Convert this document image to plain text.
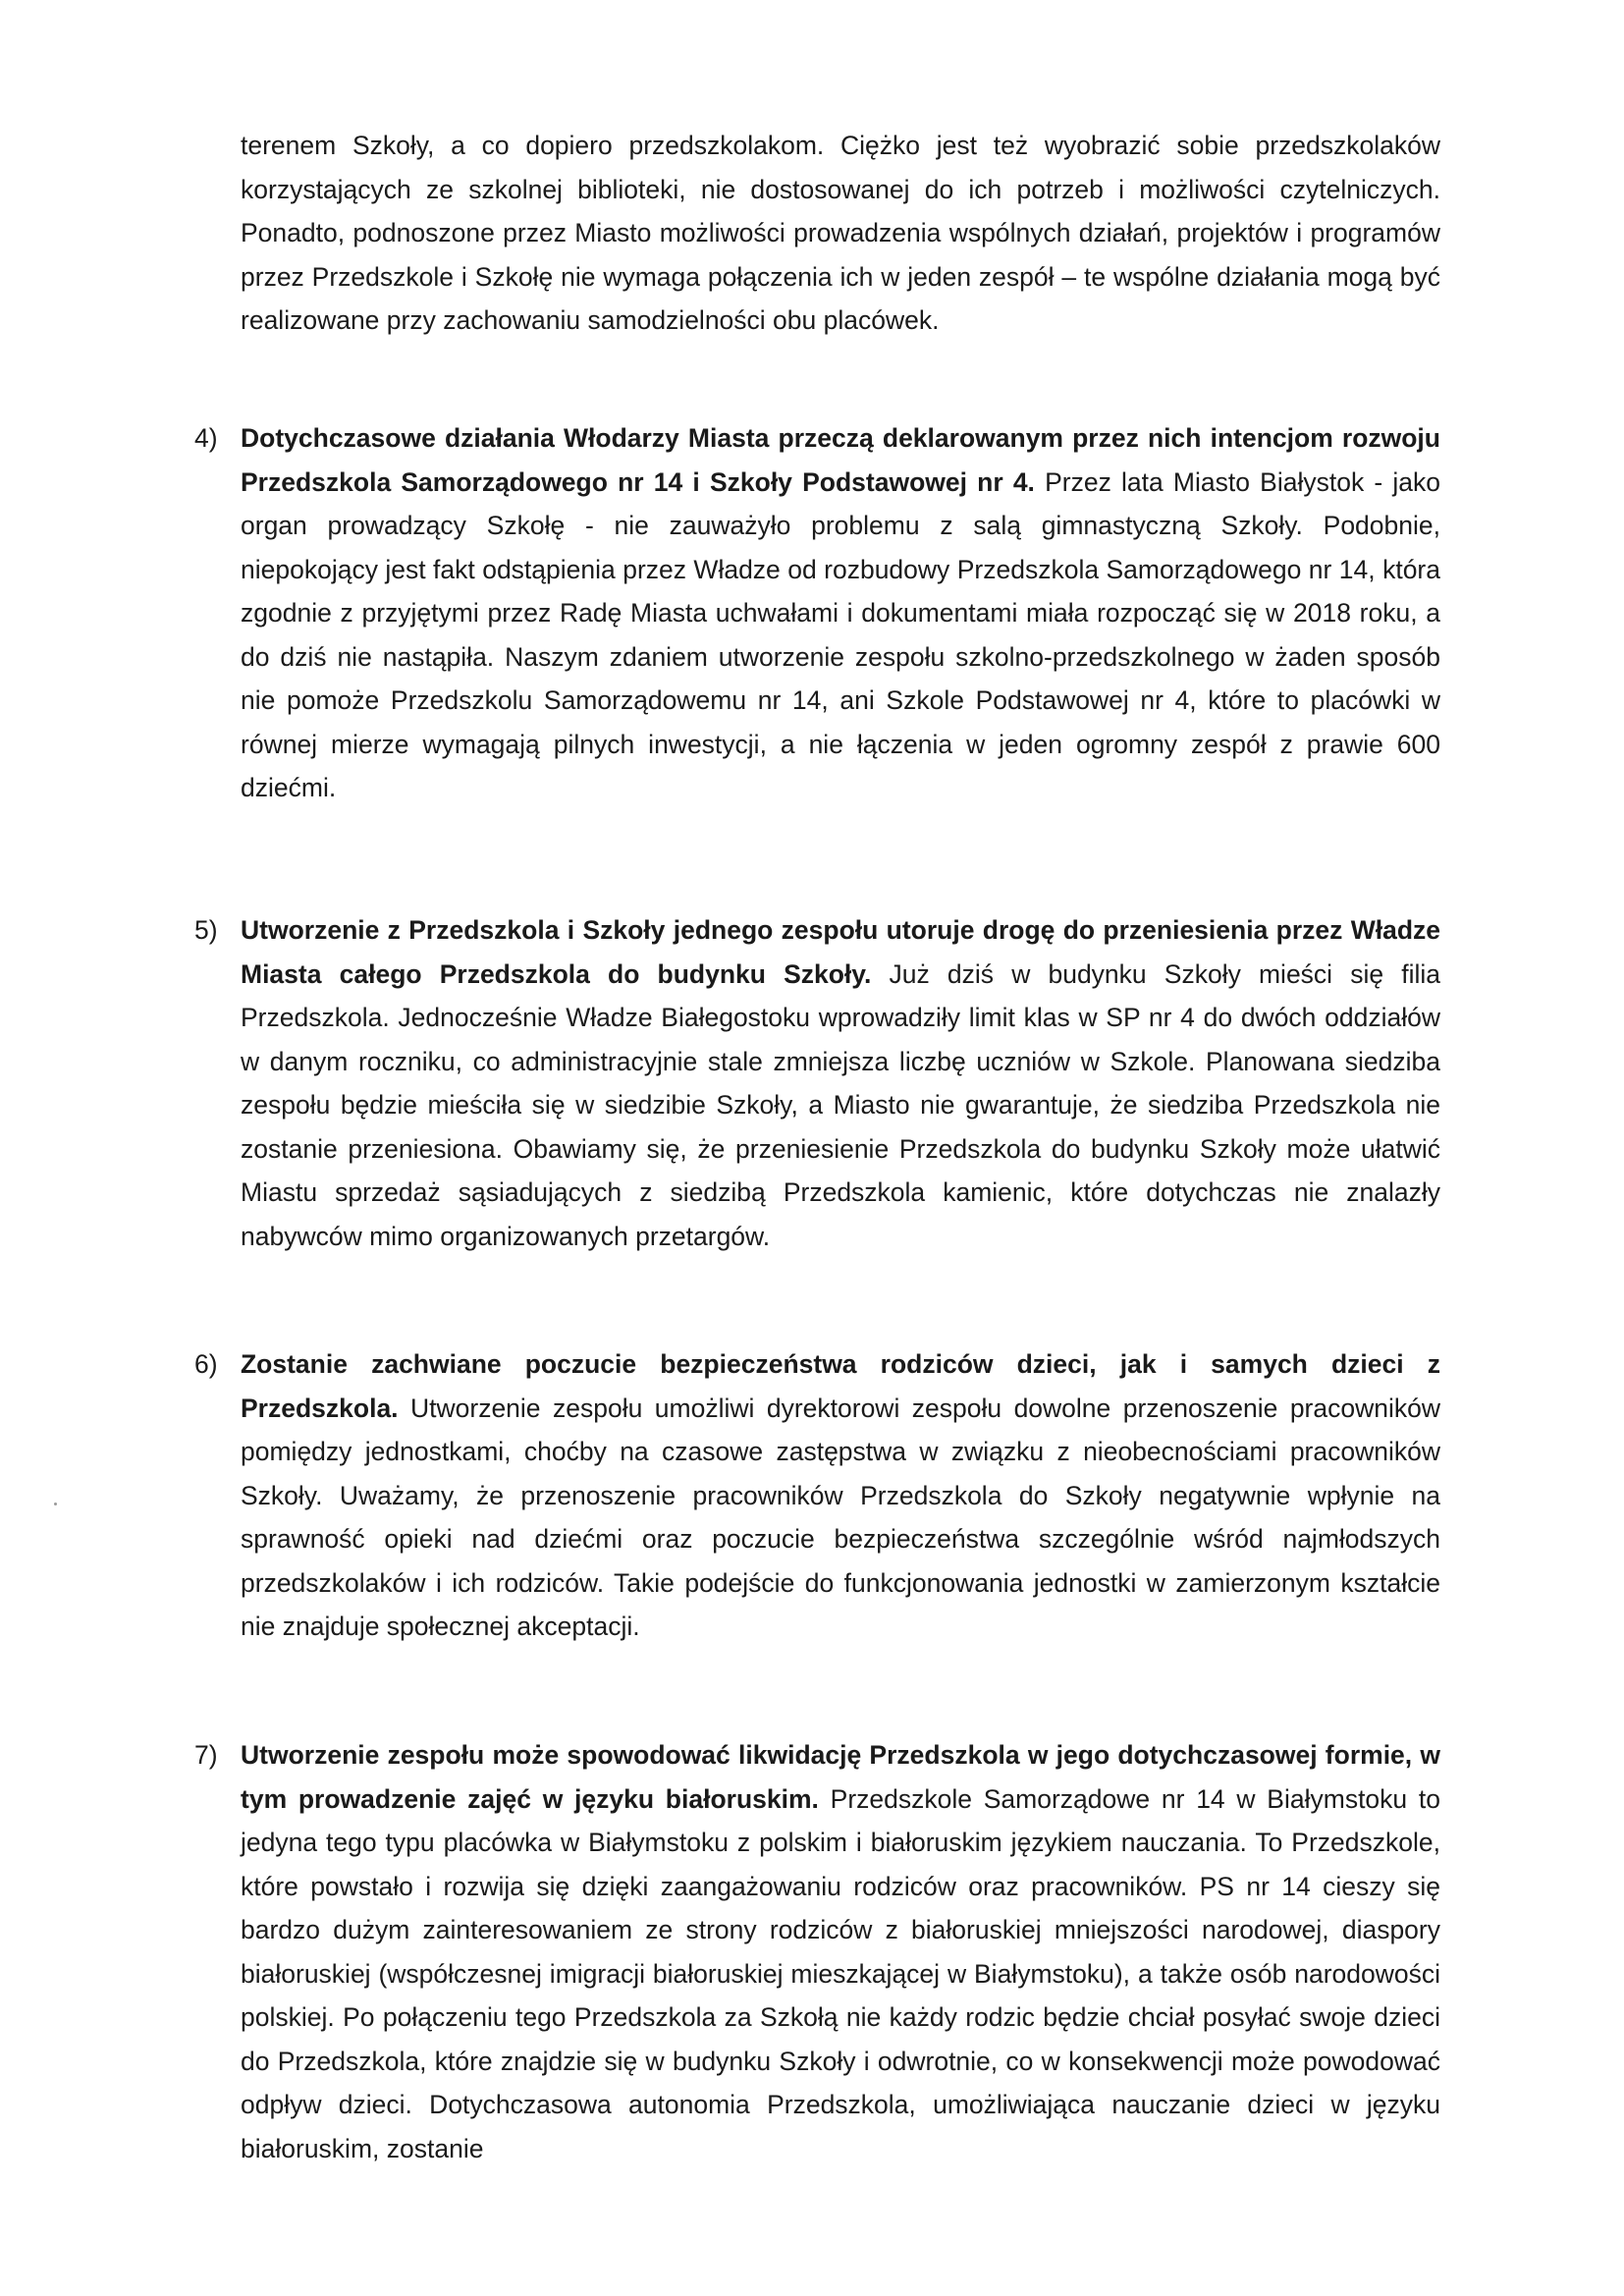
terenem Szkoły, a co dopiero przedszkolakom. Ciężko jest też wyobrazić sobie przedszkolaków korzystających ze szkolnej biblioteki, nie dostosowanej do ich potrzeb i możliwości czytelniczych. Ponadto, podnoszone przez Miasto możliwości prowadzenia wspólnych działań, projektów i programów przez Przedszkole i Szkołę nie wymaga połączenia ich w jeden zespół – te wspólne działania mogą być realizowane przy zachowaniu samodzielności obu placówek.

4) Dotychczasowe działania Włodarzy Miasta przeczą deklarowanym przez nich intencjom rozwoju Przedszkola Samorządowego nr 14 i Szkoły Podstawowej nr 4. Przez lata Miasto Białystok - jako organ prowadzący Szkołę - nie zauważyło problemu z salą gimnastyczną Szkoły. Podobnie, niepokojący jest fakt odstąpienia przez Władze od rozbudowy Przedszkola Samorządowego nr 14, która zgodnie z przyjętymi przez Radę Miasta uchwałami i dokumentami miała rozpocząć się w 2018 roku, a do dziś nie nastąpiła. Naszym zdaniem utworzenie zespołu szkolno-przedszkolnego w żaden sposób nie pomoże Przedszkolu Samorządowemu nr 14, ani Szkole Podstawowej nr 4, które to placówki w równej mierze wymagają pilnych inwestycji, a nie łączenia w jeden ogromny zespół z prawie 600 dziećmi.
5) Utworzenie z Przedszkola i Szkoły jednego zespołu utoruje drogę do przeniesienia przez Władze Miasta całego Przedszkola do budynku Szkoły. Już dziś w budynku Szkoły mieści się filia Przedszkola. Jednocześnie Władze Białegostoku wprowadziły limit klas w SP nr 4 do dwóch oddziałów w danym roczniku, co administracyjnie stale zmniejsza liczbę uczniów w Szkole. Planowana siedziba zespołu będzie mieściła się w siedzibie Szkoły, a Miasto nie gwarantuje, że siedziba Przedszkola nie zostanie przeniesiona. Obawiamy się, że przeniesienie Przedszkola do budynku Szkoły może ułatwić Miastu sprzedaż sąsiadujących z siedzibą Przedszkola kamienic, które dotychczas nie znalazły nabywców mimo organizowanych przetargów.
6) Zostanie zachwiane poczucie bezpieczeństwa rodziców dzieci, jak i samych dzieci z Przedszkola. Utworzenie zespołu umożliwi dyrektorowi zespołu dowolne przenoszenie pracowników pomiędzy jednostkami, choćby na czasowe zastępstwa w związku z nieobecnościami pracowników Szkoły. Uważamy, że przenoszenie pracowników Przedszkola do Szkoły negatywnie wpłynie na sprawność opieki nad dziećmi oraz poczucie bezpieczeństwa szczególnie wśród najmłodszych przedszkolaków i ich rodziców. Takie podejście do funkcjonowania jednostki w zamierzonym kształcie nie znajduje społecznej akceptacji.
7) Utworzenie zespołu może spowodować likwidację Przedszkola w jego dotychczasowej formie, w tym prowadzenie zajęć w języku białoruskim. Przedszkole Samorządowe nr 14 w Białymstoku to jedyna tego typu placówka w Białymstoku z polskim i białoruskim językiem nauczania. To Przedszkole, które powstało i rozwija się dzięki zaangażowaniu rodziców oraz pracowników. PS nr 14 cieszy się bardzo dużym zainteresowaniem ze strony rodziców z białoruskiej mniejszości narodowej, diaspory białoruskiej (współczesnej imigracji białoruskiej mieszkającej w Białymstoku), a także osób narodowości polskiej. Po połączeniu tego Przedszkola za Szkołą nie każdy rodzic będzie chciał posyłać swoje dzieci do Przedszkola, które znajdzie się w budynku Szkoły i odwrotnie, co w konsekwencji może powodować odpływ dzieci. Dotychczasowa autonomia Przedszkola, umożliwiająca nauczanie dzieci w języku białoruskim, zostanie
